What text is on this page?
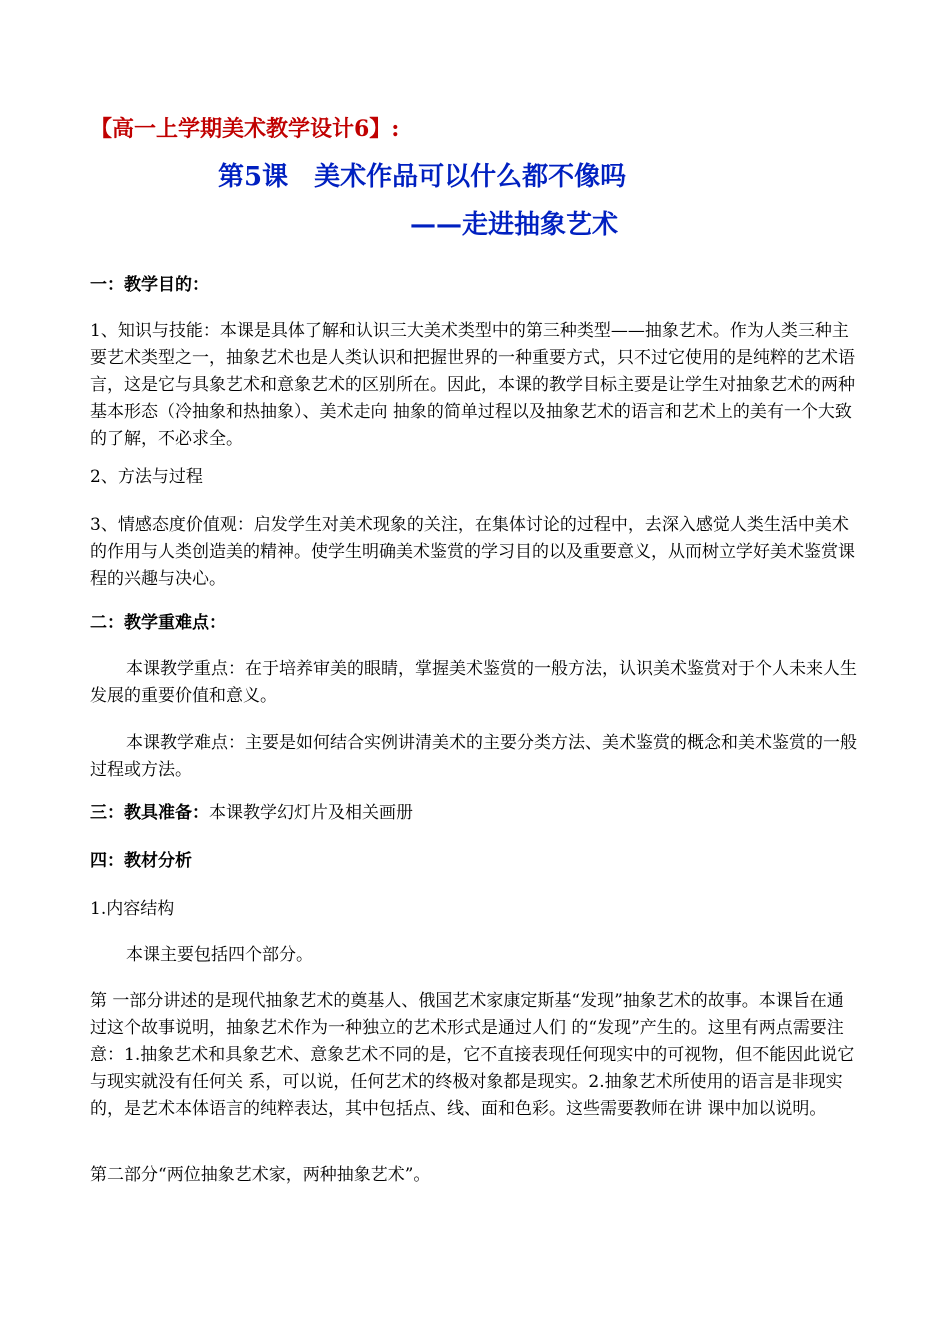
【高一上学期美术教学设计6】:
第5课　美术作品可以什么都不像吗
——走进抽象艺术
一：教学目的：
1、知识与技能：本课是具体了解和认识三大美术类型中的第三种类型——抽象艺术。作为人类三种主要艺术类型之一，抽象艺术也是人类认识和把握世界的一种重要方式，只不过它使用的是纯粹的艺术语言，这是它与具象艺术和意象艺术的区别所在。因此，本课的教学目标主要是让学生对抽象艺术的两种基本形态（冷抽象和热抽象）、美术走向 抽象的简单过程以及抽象艺术的语言和艺术上的美有一个大致的了解，不必求全。
2、方法与过程
3、情感态度价值观：启发学生对美术现象的关注，在集体讨论的过程中，去深入感觉人类生活中美术的作用与人类创造美的精神。使学生明确美术鉴赏的学习目的以及重要意义，从而树立学好美术鉴赏课程的兴趣与决心。
二：教学重难点：
本课教学重点：在于培养审美的眼睛，掌握美术鉴赏的一般方法，认识美术鉴赏对于个人未来人生发展的重要价值和意义。
本课教学难点：主要是如何结合实例讲清美术的主要分类方法、美术鉴赏的概念和美术鉴赏的一般过程或方法。
三：教具准备：本课教学幻灯片及相关画册
四：教材分析
1.内容结构
本课主要包括四个部分。
第 一部分讲述的是现代抽象艺术的奠基人、俄国艺术家康定斯基“发现”抽象艺术的故事。本课旨在通过这个故事说明，抽象艺术作为一种独立的艺术形式是通过人们 的“发现”产生的。这里有两点需要注意：1.抽象艺术和具象艺术、意象艺术不同的是，它不直接表现任何现实中的可视物，但不能因此说它与现实就没有任何关 系，可以说，任何艺术的终极对象都是现实。2.抽象艺术所使用的语言是非现实的，是艺术本体语言的纯粹表达，其中包括点、线、面和色彩。这些需要教师在讲 课中加以说明。
第二部分“两位抽象艺术家，两种抽象艺术”。
